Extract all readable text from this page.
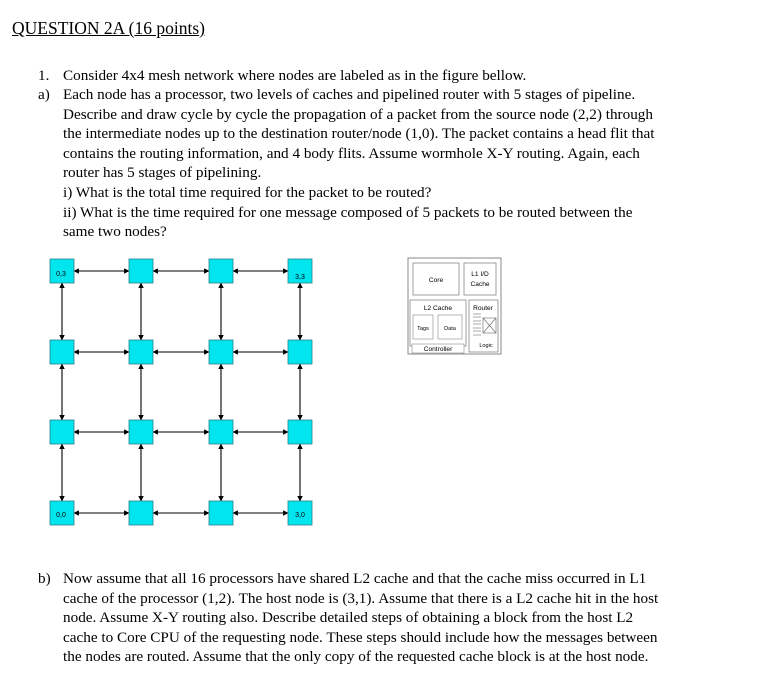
QUESTION 2A (16 points)
1. Consider 4x4 mesh network where nodes are labeled as in the figure bellow.
a) Each node has a processor, two levels of caches and pipelined router with 5 stages of pipeline.
Describe and draw cycle by cycle the propagation of a packet from the source node (2,2) through
the intermediate nodes up to the destination router/node (1,0). The packet contains a head flit that
contains the routing information, and 4 body flits. Assume wormhole X-Y routing. Again, each
router has 5 stages of pipelining.
i) What is the total time required for the packet to be routed?
ii) What is the time required for one message composed of 5 packets to be routed between the
same two nodes?
0,3	3,3
0,0	3,0
Core
L1 I/D
Cache
L2 Cache
Tags	Data
Controller
Router
Logic
b) Now assume that all 16 processors have shared L2 cache and that the cache miss occurred in L1
cache of the processor (1,2). The host node is (3,1). Assume that there is a L2 cache hit in the host
node. Assume X-Y routing also. Describe detailed steps of obtaining a block from the host L2
cache to Core CPU of the requesting node. These steps should include how the messages between
the nodes are routed. Assume that the only copy of the requested cache block is at the host node.
